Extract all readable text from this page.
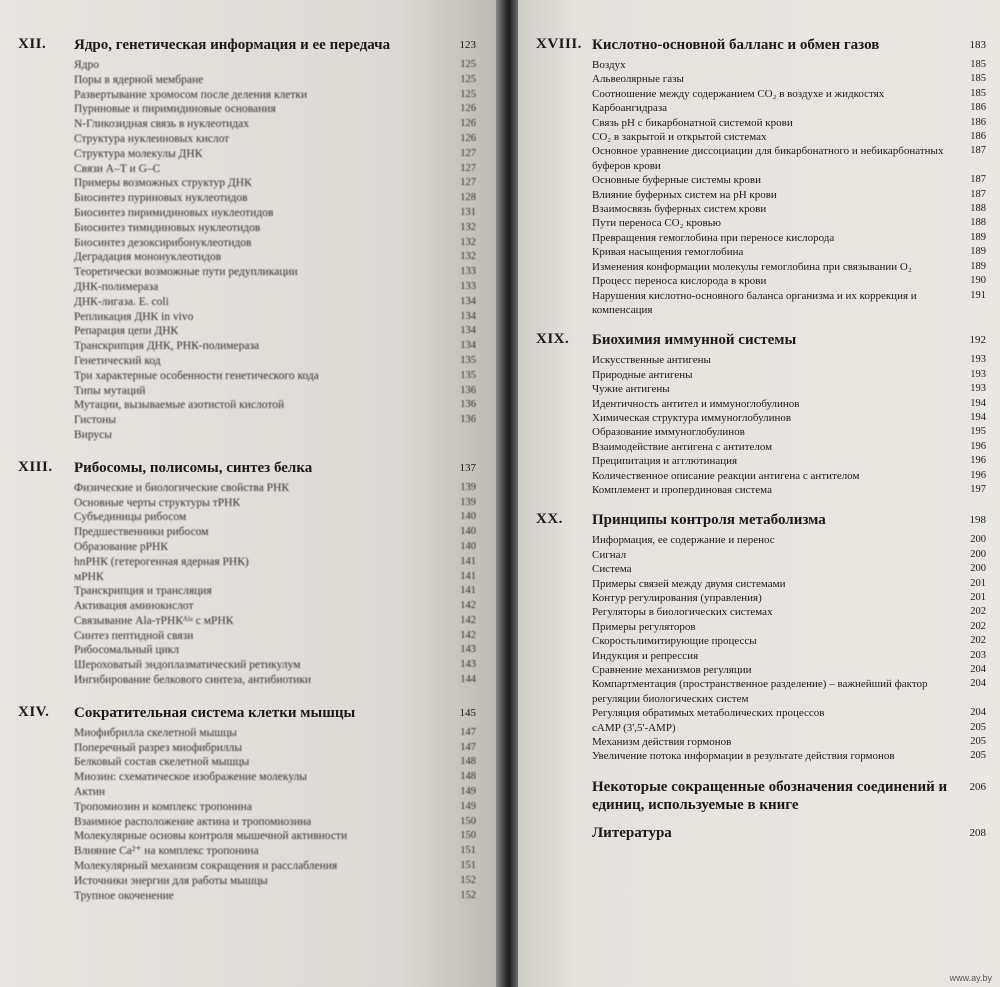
XII. Ядро, генетическая информация и ее передача	123
Ядро	125
Поры в ядерной мембране	125
Развертывание хромосом после деления клетки	125
Пуриновые и пиримидиновые основания	126
N-Гликозидная связь в нуклеотидах	126
Структура нуклеиновых кислот	126
Структура молекулы ДНК	127
Связи A–T и G–C	127
Примеры возможных структур ДНК	127
Биосинтез пуриновых нуклеотидов	128
Биосинтез пиримидиновых нуклеотидов	131
Биосинтез тимидиновых нуклеотидов	132
Биосинтез дезоксирибонуклеотидов	132
Деградация мононуклеотидов	132
Теоретически возможные пути редупликации	133
ДНК-полимераза	133
ДНК-лигаза. E. coli	134
Репликация ДНК in vivo	134
Репарация цепи ДНК	134
Транскрипция ДНК, РНК-полимераза	134
Генетический код	135
Три характерные особенности генетического кода	135
Типы мутаций	136
Мутации, вызываемые азотистой кислотой	136
Гистоны	136
Вирусы
XIII. Рибосомы, полисомы, синтез белка	137
Физические и биологические свойства РНК	139
Основные черты структуры тРНК	139
Субъединицы рибосом	140
Предшественники рибосом	140
Образование рРНК	140
hnРНК (гетерогенная ядерная РНК)	141
мРНК	141
Транскрипция и трансляция	141
Активация аминокислот	142
Связывание Ala-тРНКᴬˡᵃ с мРНК	142
Синтез пептидной связи	142
Рибосомальный цикл	143
Шероховатый эндоплазматический ретикулум	143
Ингибирование белкового синтеза, антибиотики	144
XIV. Сократительная система клетки мышцы	145
Миофибрилла скелетной мышцы	147
Поперечный разрез миофибриллы	147
Белковый состав скелетной мышцы	148
Миозин: схематическое изображение молекулы	148
Актин	149
Тропомиозин и комплекс тропонина	149
Взаимное расположение актина и тропомиозина	150
Молекулярные основы контроля мышечной активности	150
Влияние Ca²⁺ на комплекс тропонина	151
Молекулярный механизм сокращения и расслабления	151
Источники энергии для работы мышцы	152
Трупное окоченение	152
XVIII. Кислотно-основной балланс и обмен газов	183
Воздух	185
Альвеолярные газы	185
Соотношение между содержанием CO₂ в воздухе и жидкостях	185
Карбоангидраза	186
Связь pH с бикарбонатной системой крови	186
CO₂ в закрытой и открытой системах	186
Основное уравнение диссоциации для бикарбонатного и небикарбонатных буферов крови
187
Основные буферные системы крови	187
Влияние буферных систем на pH крови	187
Взаимосвязь буферных систем крови	188
Пути переноса CO₂ кровью	188
Превращения гемоглобина при переносе кислорода	189
Кривая насыщения гемоглобина	189
Изменения конформации молекулы гемоглобина при связывании O₂	189
Процесс переноса кислорода в крови	190
Нарушения кислотно-основного баланса организма и их коррекция и компенсация
191
XIX. Биохимия иммунной системы	192
Искусственные антигены	193
Природные антигены	193
Чужие антигены	193
Идентичность антител и иммуноглобулинов	194
Химическая структура иммуноглобулинов	194
Образование иммуноглобулинов	195
Взаимодействие антигена с антителом	196
Преципитация и агглютинация	196
Количественное описание реакции антигена с антителом	196
Комплемент и пропердиновая система	197
XX. Принципы контроля метаболизма	198
Информация, ее содержание и перенос	200
Сигнал	200
Система	200
Примеры связей между двумя системами	201
Контур регулирования (управления)	201
Регуляторы в биологических системах	202
Примеры регуляторов	202
Скоростьлимитирующие процессы	202
Индукция и репрессия	203
Сравнение механизмов регуляции	204
Компартментация (пространственное разделение) – важнейший фактор регуляции биологических систем
204
Регуляция обратимых метаболических процессов	204
cAMP (3',5'-AMP)	205
Механизм действия гормонов	205
Увеличение потока информации в результате действия гормонов	205
Некоторые сокращенные обозначения соединений и единиц, используемые в книге
206
Литература	208
www.ay.by
